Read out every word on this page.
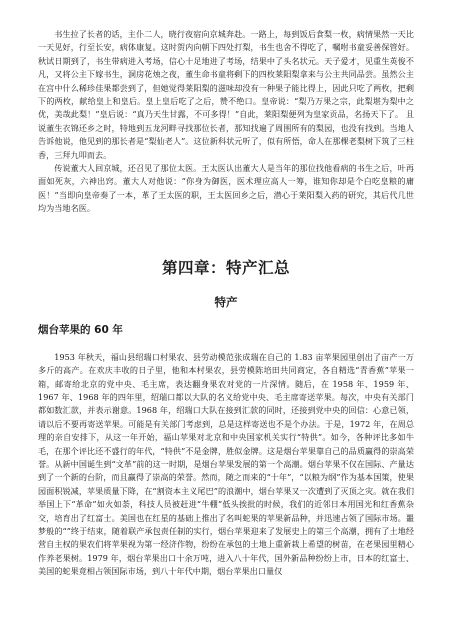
书生拉了长者的话，主仆二人，晓行夜宿向京城奔赴。一路上，每到饭后食梨一枚，病情果然一天比一天见好，行至长安，病体康复。这时贺内向朝下四处打梨，书生也舍不得吃了，嘱咐书童妥善保管好。秋试日期到了，书生带病进入考场，信心十足地进了考场，结果中了头名状元。天子爱才，见重生英俊不凡，又将公主下嫁书生，洞房花烛之夜，董生命书童将剩下的四枚莱阳梨拿来与公主共同品尝。虽然公主在宫中什么稀珍佳果都尝到了，但她觉得莱阳梨的滋味却没有一种果子能比得上，因此只吃了两枚，把剩下的两枚，献给皇上和皇后。皇上皇后吃了之后，赞不绝口。皇帝说：“梨乃万果之宗，此梨堪为梨中之优，美哉此梨！”皇后说：“真乃天生甘露，不可多得！”自此，莱阳梨便列为皇家贡品，名扬天下了。 且说董生衣锦还乡之时，特地到五龙河畔寻找那位长者，那知找遍了周围所有的梨园，也没有找到。当地人告诉他说，他见到的那长者是“梨仙老人”。这位新科状元听了，似有所悟，命人在那棵老梨树下筑了三柱香，三拜九叩而去。

传说董大人回京城，还召见了那位太医。王太医认出董大人是当年的那位找他看病的书生之后，叶再面如死灰，六神出窍。董大人对他说：“你身为御医，医术理应高人一筹，谁知你却是个白吃皇粮的庸医！”当即向皇帝奏了一本，革了王太医的职，王太医回乡之后，潜心于莱阳梨入药的研究，其后代几世均为当地名医。

第四章：特产汇总
特产
烟台苹果的 60 年

1953 年秋天，福山县绍瑞口村果农、县劳动模范张成瑞在自己的 1.83 亩苹果园里创出了亩产一万多斤的高产。在欢庆丰收的日子里，他和本村果农，县劳模陈培田共同商定，各自精选“青香蕉”苹果一箱，邮寄给北京的党中央、毛主席，表达翻身果农对党的一片深情。随后，在 1958 年、1959 年、1967 年、1968 年的四年里，绍瑞口都以大队的名义给党中央、毛主席寄送苹果。每次，中央有关部门都如数汇款，并表示谢意。1968 年，绍瑞口大队在接到汇款的同时，还接到党中央的回信：心意已领，请以后不要再寄送苹果。可能是有关部门考虑到，总是这样寄送也不是个办法。于是，1972 年，在周总理的亲自安排下，从这一年开始，福山苹果对北京和中央国家机关实行“特供”。如今，各种评比多如牛毛，在那个评比还不盛行的年代，“特供”不是金牌，胜似金牌。这是烟台苹果靠自己的品质赢得的崇高荣誉。从新中国诞生到“文革”前的这一时期，是烟台苹果发展的第一个高潮。烟台苹果不仅在国际、产量达到了一个新的台阶，而且赢得了崇高的荣誉。然而，随之而来的“十年”，“以粮为纲”作为基本国策，使果园面积锐减，苹果质量下降，在“割资本主义尾巴”的浪潮中，烟台苹果又一次遭到了灭顶之灾。就在我们举国上下“革命”如火如荼，科技人员被赶进“牛棚”低头挨批的时候，我们的近邻日本用国光和红香蕉杂交，培育出了红富士。美国也在红星的基础上推出了名叫蛇果的苹果新品种，并迅速占领了国际市场。噩梦般的“”终于结束，随着联产承包责任制的实行，烟台苹果迎来了发展史上的第三个高潮，拥有了土地经营自主权的果农们将苹果视为第一经济作物，纷纷在承包的土地上重新栽上希望的树苗，在老果园里精心作养老果树。1979 年，烟台苹果出口十余万吨，进入八十年代，国外新品种纷纷上市，日本的红富士、美国的蛇果竟相占领国际市场，到八十年代中期，烟台苹果出口量仅
